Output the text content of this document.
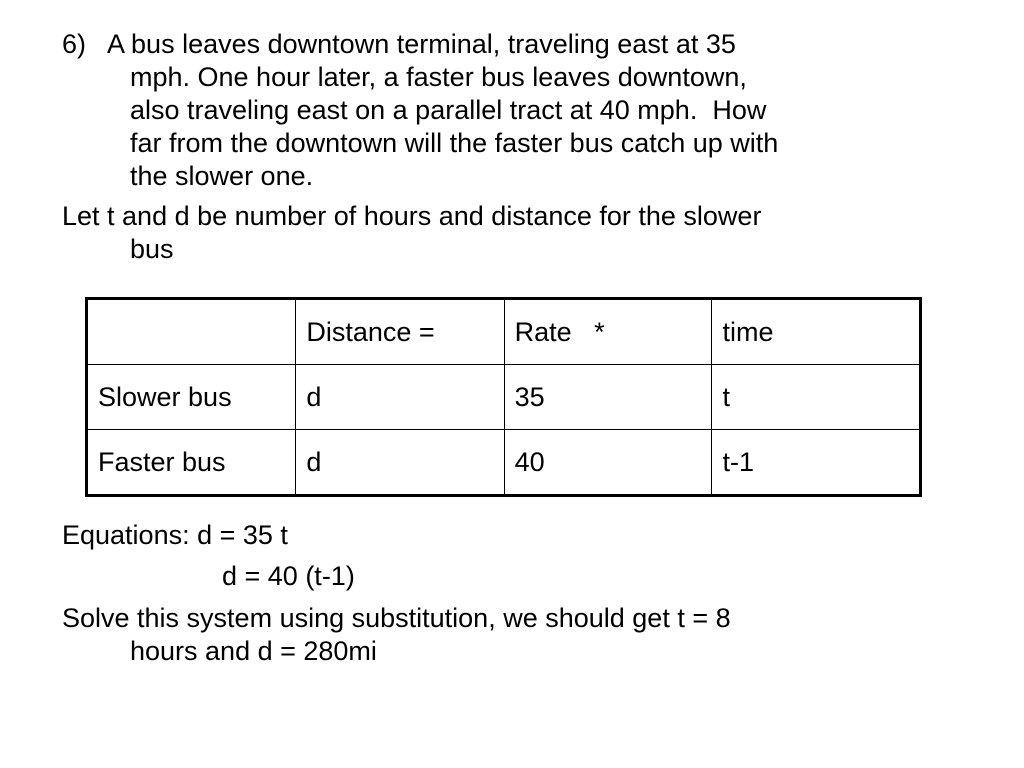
6)   A bus leaves downtown terminal, traveling east at 35
mph. One hour later, a faster bus leaves downtown,
also traveling east on a parallel tract at 40 mph.  How
far from the downtown will the faster bus catch up with
the slower one.

Let t and d be number of hours and distance for the slower
bus

	Distance =	Rate   *	time
Slower bus	d	35	t
Faster bus	d	40	t-1

Equations: d = 35 t
d = 40 (t-1)

Solve this system using substitution, we should get t = 8
hours and d = 280mi
